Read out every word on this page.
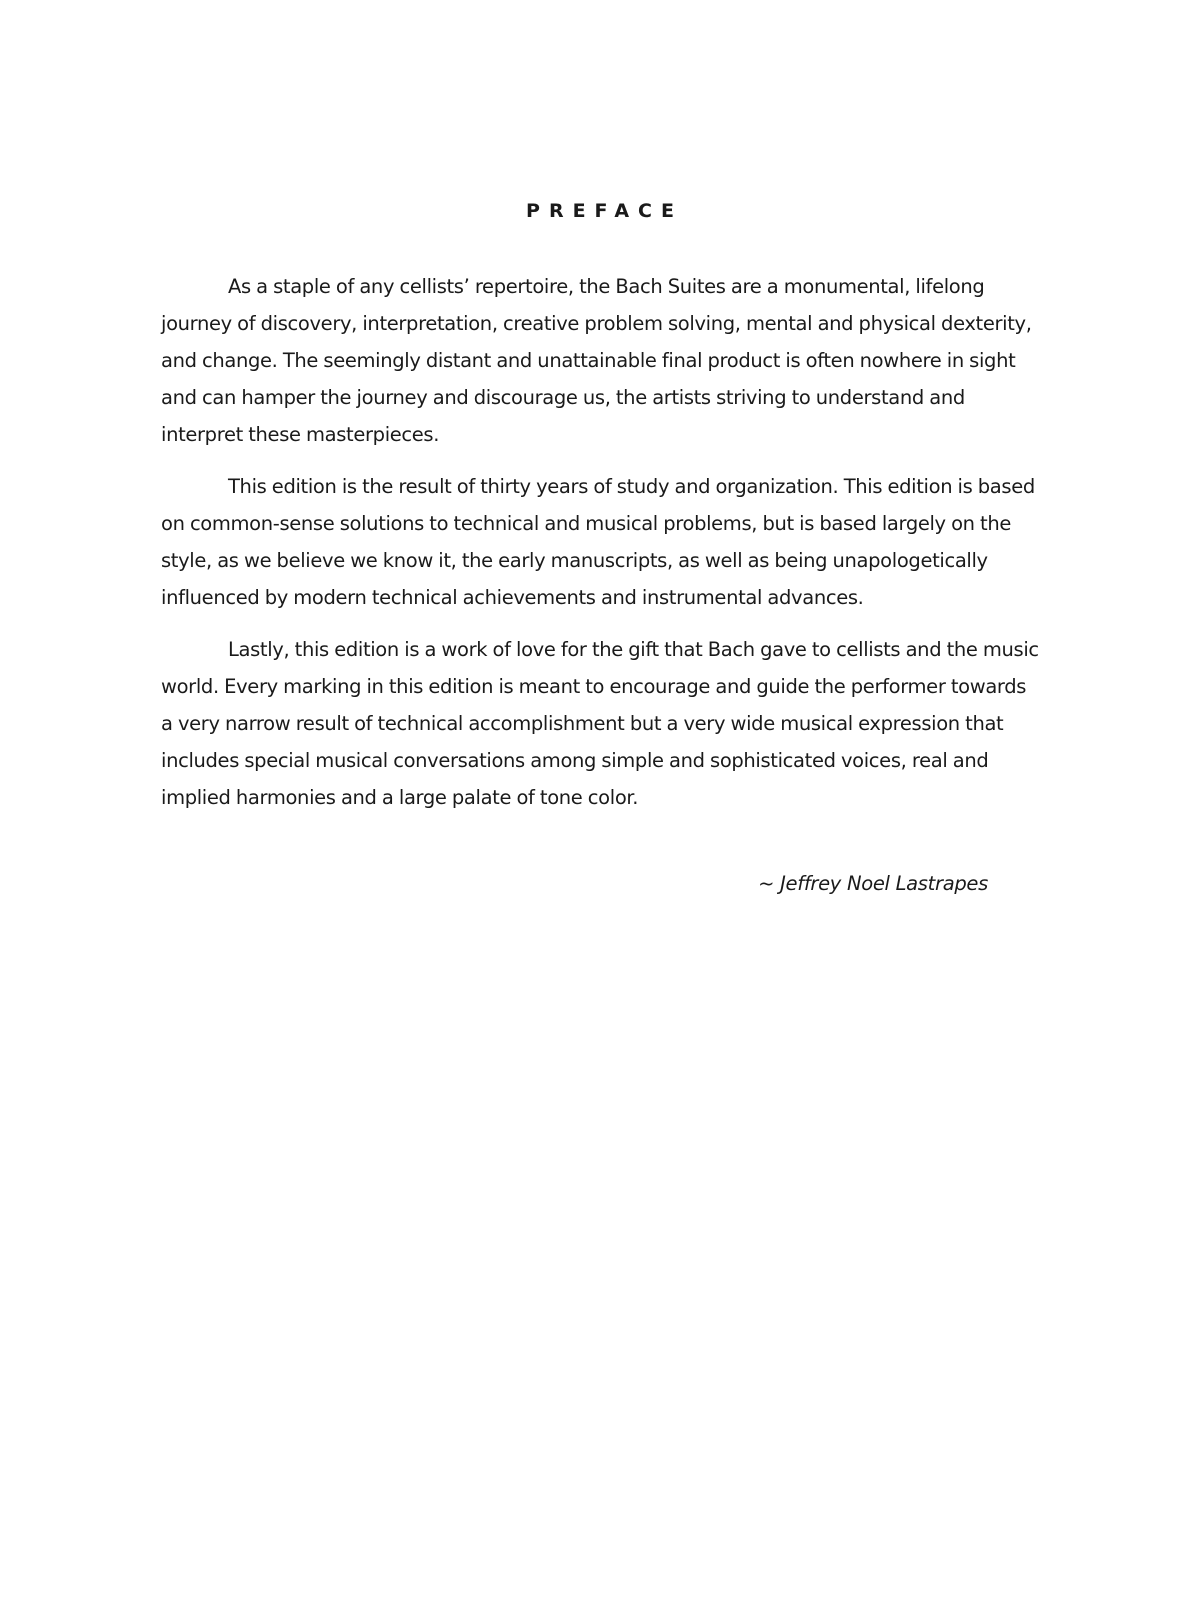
PREFACE

As a staple of any cellists’ repertoire, the Bach Suites are a monumental, lifelong journey of discovery, interpretation, creative problem solving, mental and physical dexterity, and change. The seemingly distant and unattainable final product is often nowhere in sight and can hamper the journey and discourage us, the artists striving to understand and interpret these masterpieces.

This edition is the result of thirty years of study and organization. This edition is based on common-sense solutions to technical and musical problems, but is based largely on the style, as we believe we know it, the early manuscripts, as well as being unapologetically influenced by modern technical achievements and instrumental advances.

Lastly, this edition is a work of love for the gift that Bach gave to cellists and the music world. Every marking in this edition is meant to encourage and guide the performer towards a very narrow result of technical accomplishment but a very wide musical expression that includes special musical conversations among simple and sophisticated voices, real and implied harmonies and a large palate of tone color.

~ Jeffrey Noel Lastrapes
